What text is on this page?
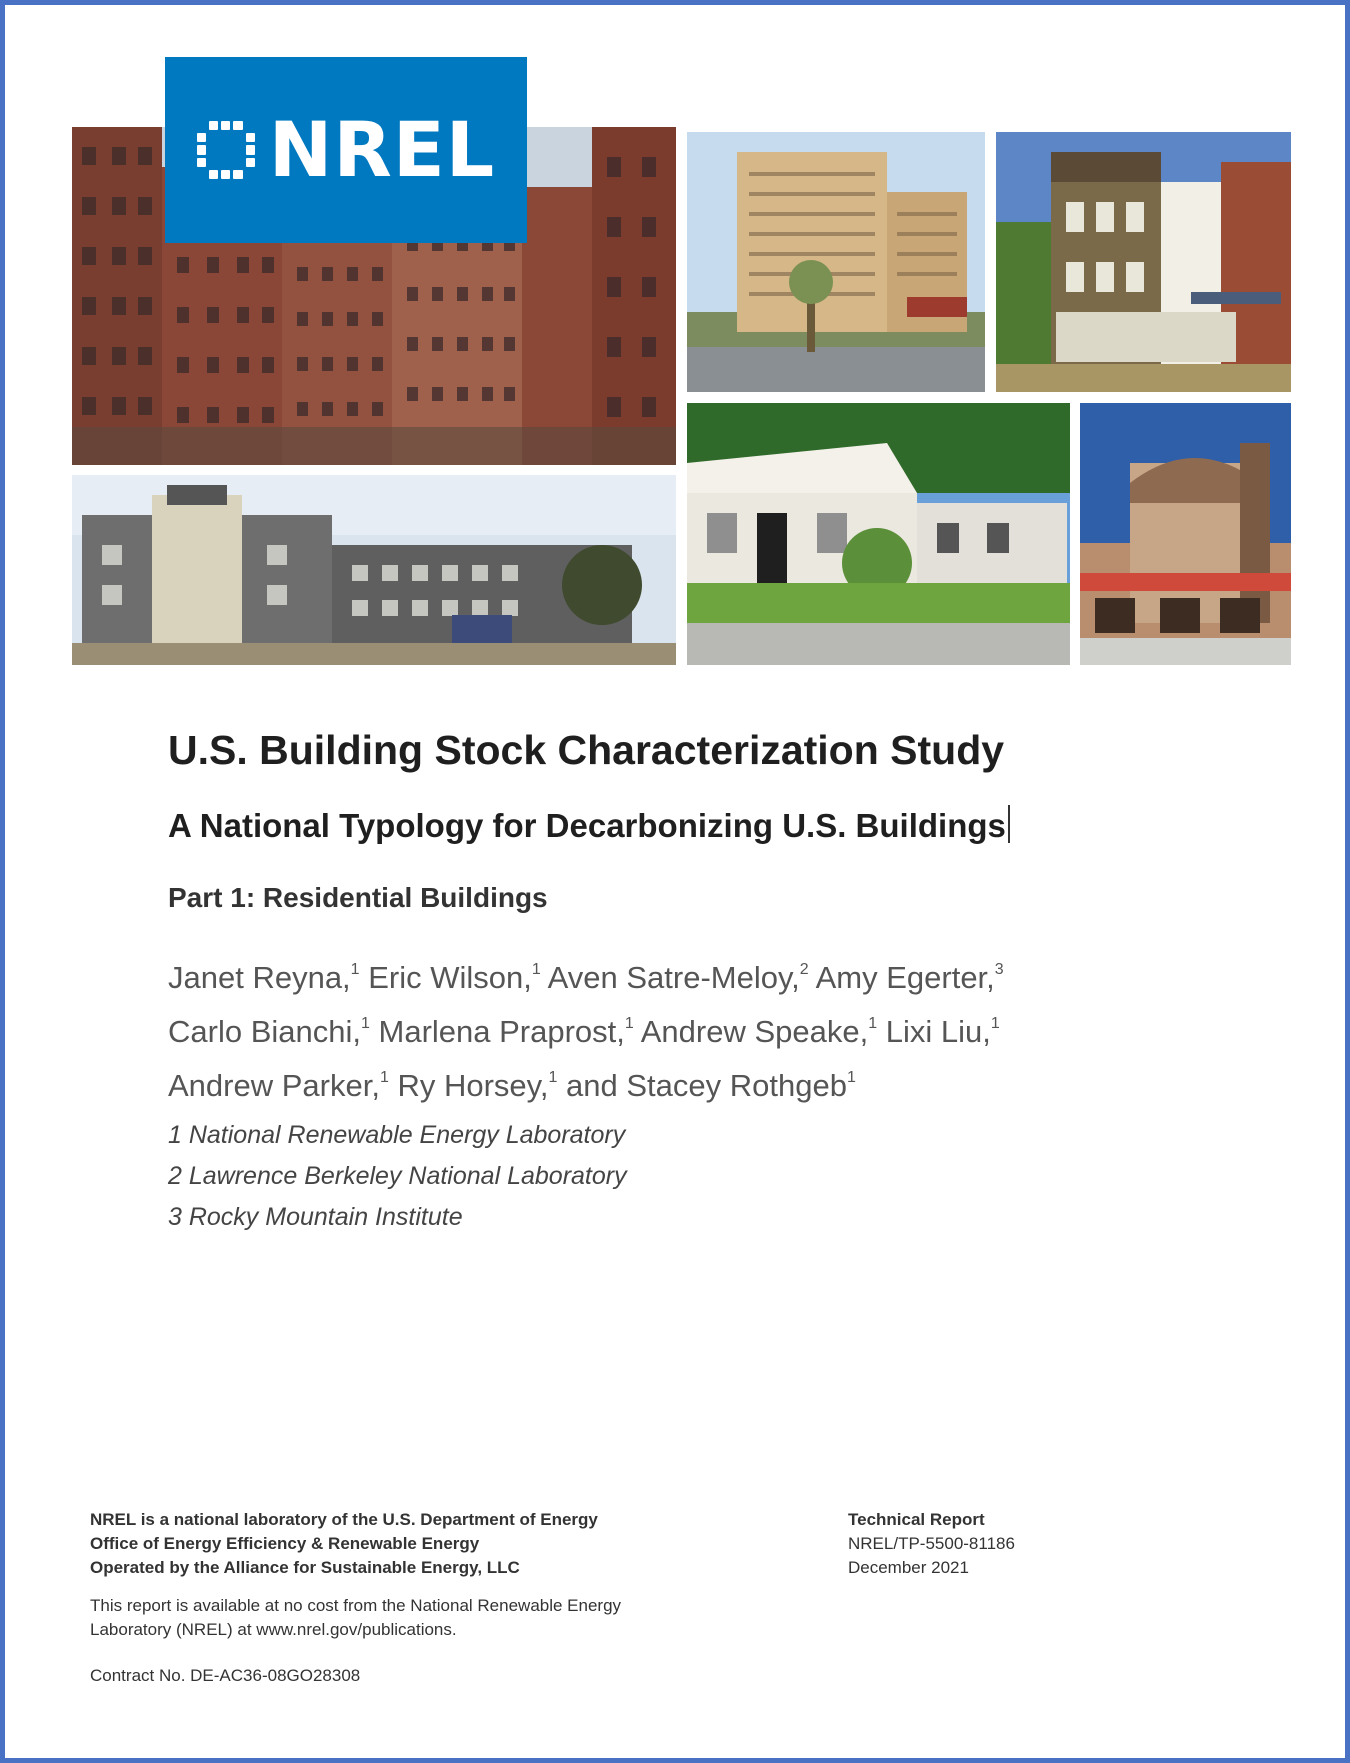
NREL
U.S. Building Stock Characterization Study
A National Typology for Decarbonizing U.S. Buildings
Part 1: Residential Buildings
Janet Reyna,$^1$ Eric Wilson,$^1$ Aven Satre-Meloy,$^2$ Amy Egerter,$^3$
Carlo Bianchi,$^1$ Marlena Praprost,$^1$ Andrew Speake,$^1$ Lixi Liu,$^1$
Andrew Parker,$^1$ Ry Horsey,$^1$ and Stacey Rothgeb$^1$
1 National Renewable Energy Laboratory
2 Lawrence Berkeley National Laboratory
3 Rocky Mountain Institute
NREL is a national laboratory of the U.S. Department of Energy
Office of Energy Efficiency & Renewable Energy
Operated by the Alliance for Sustainable Energy, LLC
This report is available at no cost from the National Renewable Energy
Laboratory (NREL) at www.nrel.gov/publications.
Contract No. DE-AC36-08GO28308
Technical Report
NREL/TP-5500-81186
December 2021
